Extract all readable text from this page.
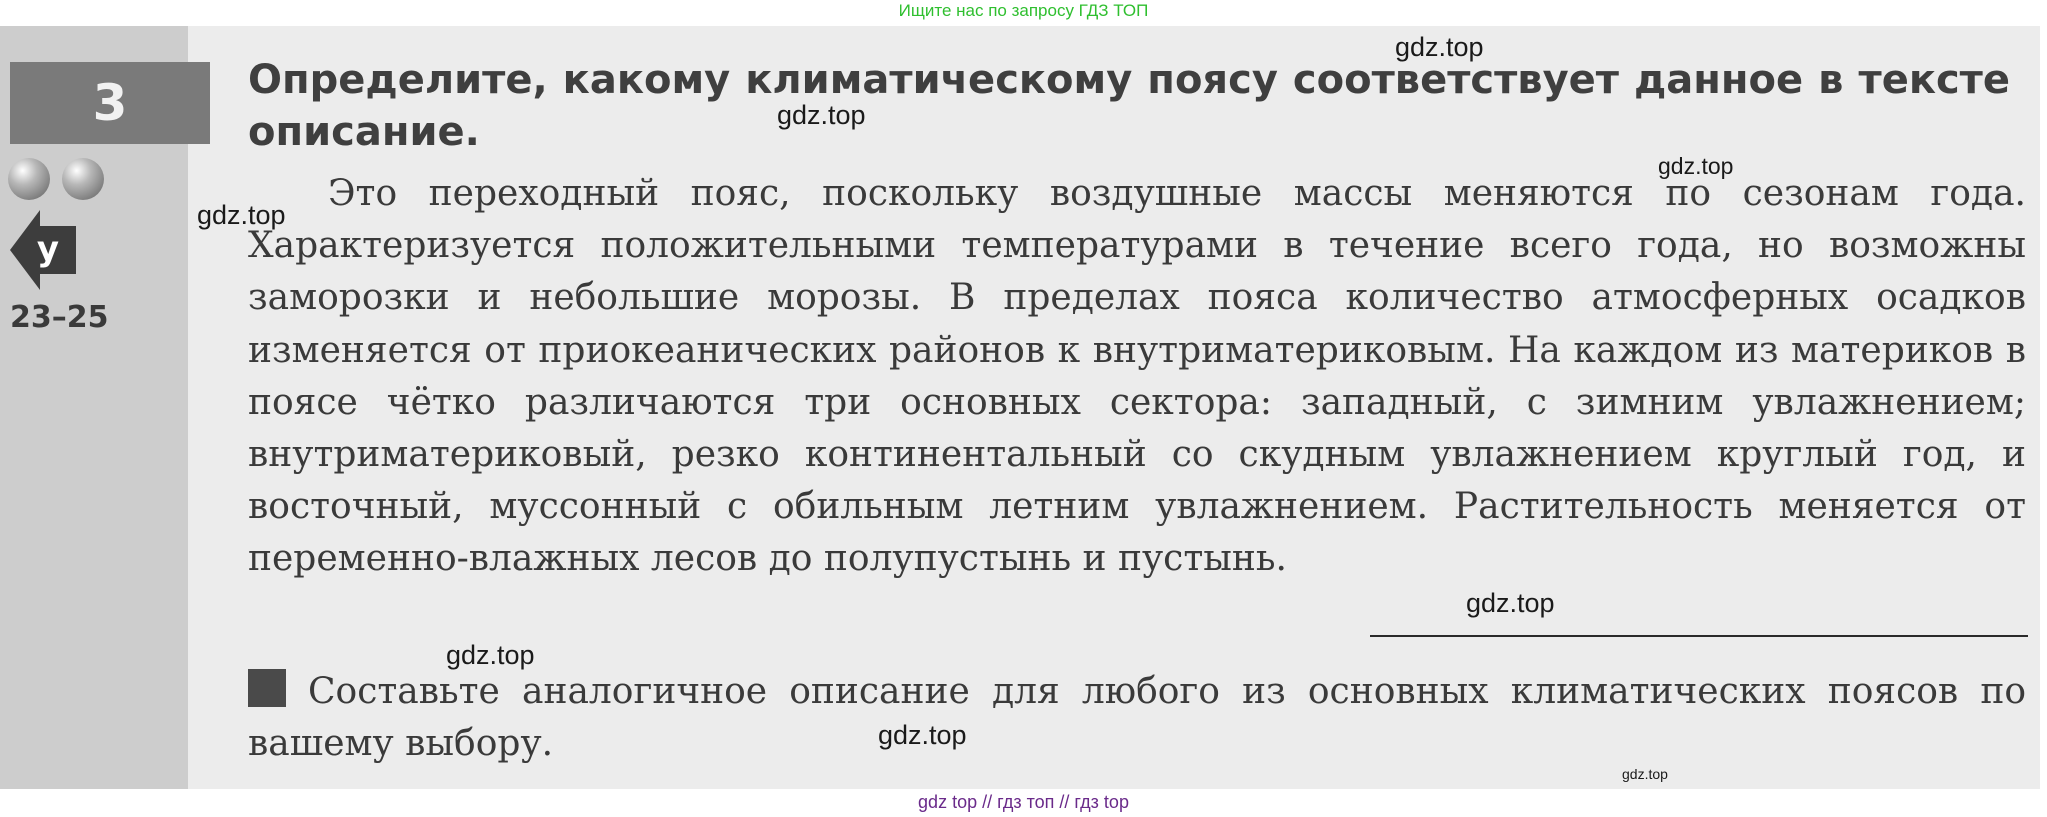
Ищите нас по запросу ГДЗ ТОП
3
у
23–25

Определите, какому климатическому поясу соответствует данное в тексте описание.

Это переходный пояс, поскольку воздушные массы меняются по сезонам года. Характеризуется положительными температурами в течение всего года, но возможны заморозки и небольшие морозы. В пределах пояса количество атмосферных осадков изменяется от приокеанических районов к внутриматериковым. На каждом из материков в поясе чётко различаются три основных сектора: западный, с зимним увлажнением; внутриматериковый, резко континентальный со скудным увлажнением круглый год, и восточный, муссонный с обильным летним увлажнением. Растительность меняется от переменно-влажных лесов до полупустынь и пустынь.

Составьте аналогичное описание для любого из основных климатических поясов по вашему выбору.

gdz.top
gdz.top
gdz.top
gdz.top
gdz.top
gdz.top
gdz.top
gdz.top
gdz top // гдз топ // гдз top
